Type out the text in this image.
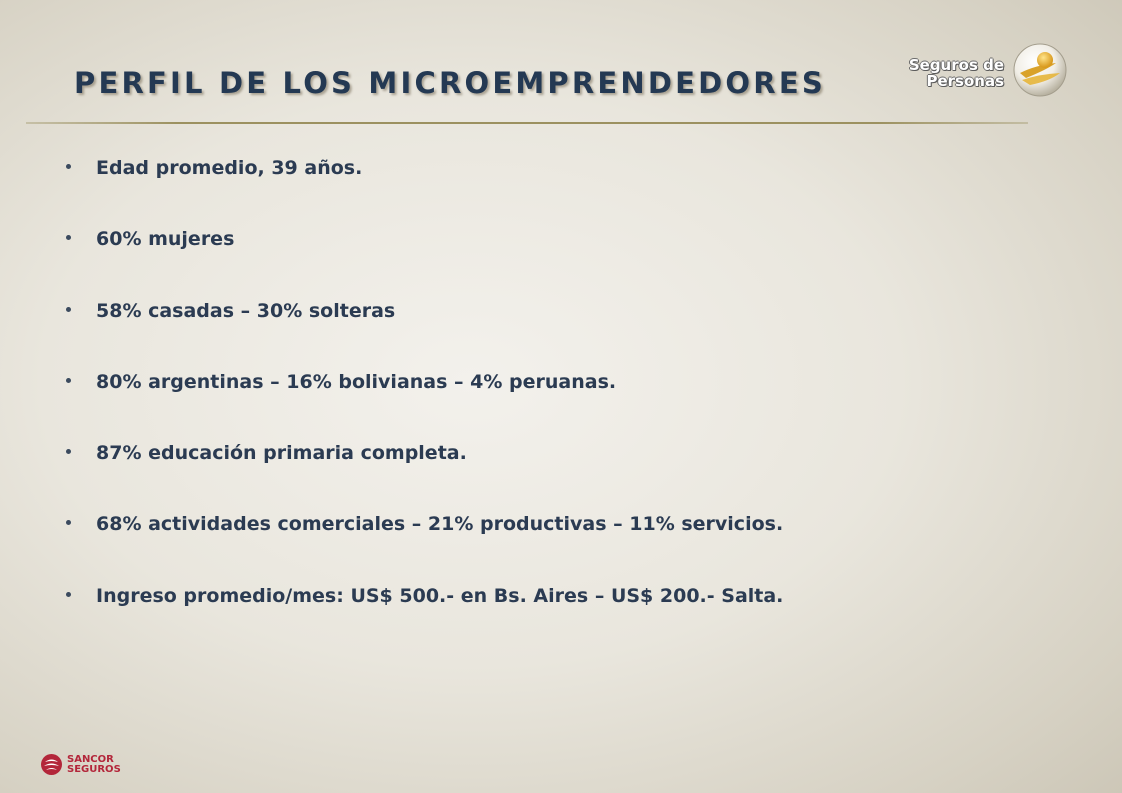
PERFIL DE LOS MICROEMPRENDEDORES
Seguros de
Personas
Edad promedio, 39 años.
60% mujeres
58% casadas – 30% solteras
80% argentinas – 16% bolivianas – 4% peruanas.
87% educación primaria completa.
68% actividades comerciales – 21% productivas – 11% servicios.
Ingreso promedio/mes: US$ 500.- en Bs. Aires – US$ 200.- Salta.
SANCOR
SEGUROS
